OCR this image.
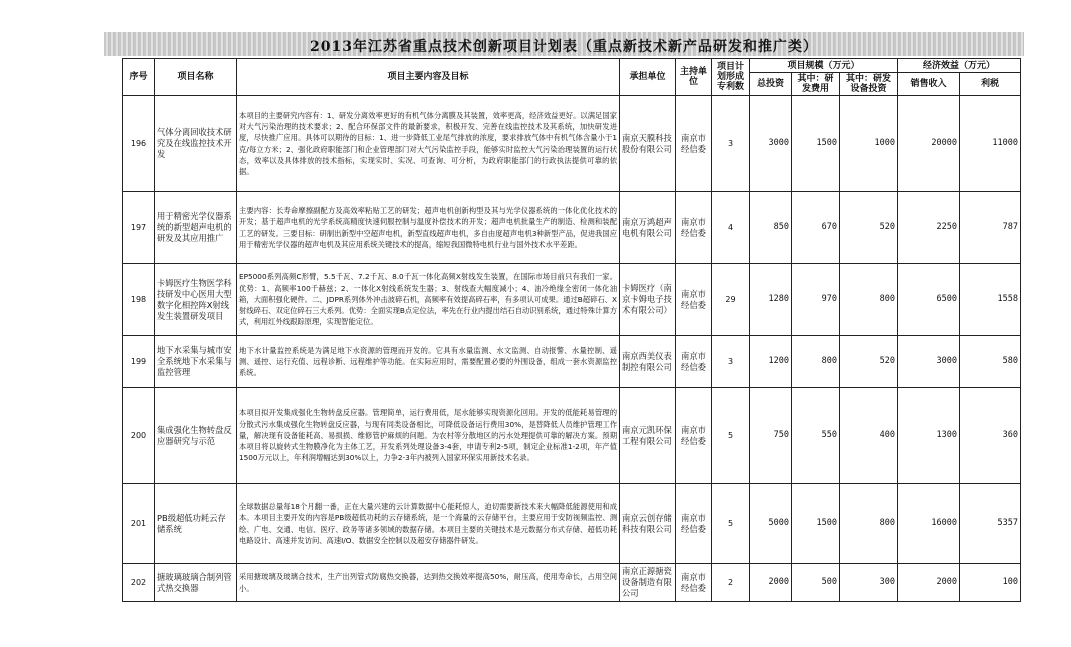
2013年江苏省重点技术创新项目计划表（重点新技术新产品研发和推广类）
序号	项目名称	项目主要内容及目标	承担单位	主持单位	项目计划形成专利数	项目规模（万元）			经济效益（万元）	
						总投资	其中：研发费用	其中：研发设备投资	销售收入	利税
196	气体分离回收技术研究及在线监控技术开发	本项目的主要研究内容有：1、研发分离效率更好的有机气体分离膜及其装置，效率更高，经济效益更好。以满足国家对大气污染治理的技术要求；2、配合环保部文件的最新要求，积极开发、完善在线监控技术及其系统，加快研发进度，尽快推广应用。具体可以期待的目标：1、进一步降低工业尾气排放的浓度，要求排放气体中有机气体含量小于1克/每立方米；2、强化政府职能部门和企业管理部门对大气污染监控手段，能够实时监控大气污染治理装置的运行状态，效率以及具体排放的技术指标，实现实时、实况、可查询、可分析，为政府职能部门的行政执法提供可靠的依据。	南京天膜科技股份有限公司	南京市经信委	3	3000	1500	1000	20000	11000
197	用于精密光学仪器系统的新型超声电机的研发及其应用推广	主要内容：长寿命摩擦副配方及高效率粘贴工艺的研发；超声电机创新构型及其与光学仪器系统的一体化优化技术的开发；基于超声电机的光学系统高精度快速伺服控制与温度补偿技术的开发；超声电机批量生产的制造、检测和装配工艺的研发。三要目标：研制出新型中空超声电机，新型直线超声电机，多自由度超声电机3种新型产品，促进我国应用于精密光学仪器的超声电机及其应用系统关键技术的提高，缩短我国微特电机行业与国外技术水平差距。	南京万鸿超声电机有限公司	南京市经信委	4	850	670	520	2250	787
198	卡姆医疗生物医学科技研发中心医用大型数字化相控阵X射线发生装置研发项目	EP5000系列高频C形臂，5.5千瓦、7.2千瓦、8.0千瓦一体化高频X射线发生装置，在国际市场目前只有我们一家。优势：1、高频率100千赫兹；2、一体化X射线系统发生器；3、射线查大幅度减小；4、油冷绝缘全密闭一体化油箱，大面积强化硬件。二、JDPR系列体外冲击波碎石机，高频率有效提高碎石率，有多项认可成果。通过B超碎石、X射线碎石、双定位碎石三大系列。优势：全面实现B点定位法，率先在行业内提出结石自动识别系统，通过特殊计算方式，利用红外线跟踪原理，实现智能定位。	卡姆医疗（南京卡姆电子技术有限公司）	南京市经信委	29	1280	970	800	6500	1558
199	地下水采集与城市安全系统地下水采集与监控管理	地下水计量监控系统是为满足地下水资源的管理而开发的。它具有水量监测、水文监测、自动报警、水量控制、遥测、遥控、运行充值、远程诊断、远程维护等功能。在实际应用时，需要配置必要的外围设备，组成一套水资源监控系统。	南京西美仪表制控有限公司	南京市经信委	3	1200	800	520	3000	580
200	集成强化生物转盘反应器研究与示范	本项目拟开发集成强化生物转盘反应器。管理简单，运行费用低，尾水能够实现资源化回用。开发的低能耗易管理的分散式污水集成强化生物转盘反应器，与现有同类设备相比，可降低设备运行费用30%，是替降低人员维护管理工作量，解决现有设备能耗高、易损损、维修管护麻烦的问题。为农村等分散地区的污水处理提供可靠的解决方案。预期本项目将以旋转式生物膜净化为主体工艺，开发系列处理设备3-4套，申请专利2-5项，制定企业标准1-2项，年产值1500万元以上，年利润增幅达到30%以上，力争2-3年内被列入国家环保实用新技术名录。	南京元凯环保工程有限公司	南京市经信委	5	750	550	400	1300	360
201	PB级超低功耗云存储系统	全球数据总量每18个月翻一番，正在大量兴建的云计算数据中心能耗惊人，迫切需要新技术来大幅降低能源使用和成本。本项目主要开发的内容是PB级超低功耗的云存储系统，是一个海量的云存储平台，主要应用于安防视频监控、测绘、广电、交通、电信、医疗、政务等诸多领域的数据存储。本项目主要的关键技术是元数据分布式存储、超低功耗电路设计、高速并发访问、高速I/O、数据安全控制以及超安存储器件研发。	南京云创存储科技有限公司	南京市经信委	5	5000	1500	800	16000	5357
202	搪玻璃玻璃合制列管式热交换器	采用搪玻璃及玻璃合技术，生产出列管式防腐热交换器，达到热交换效率提高50%，耐压高，使用寿命长，占用空间小。	南京正源搪瓷设备制造有限公司	南京市经信委	2	2000	500	300	2000	100
